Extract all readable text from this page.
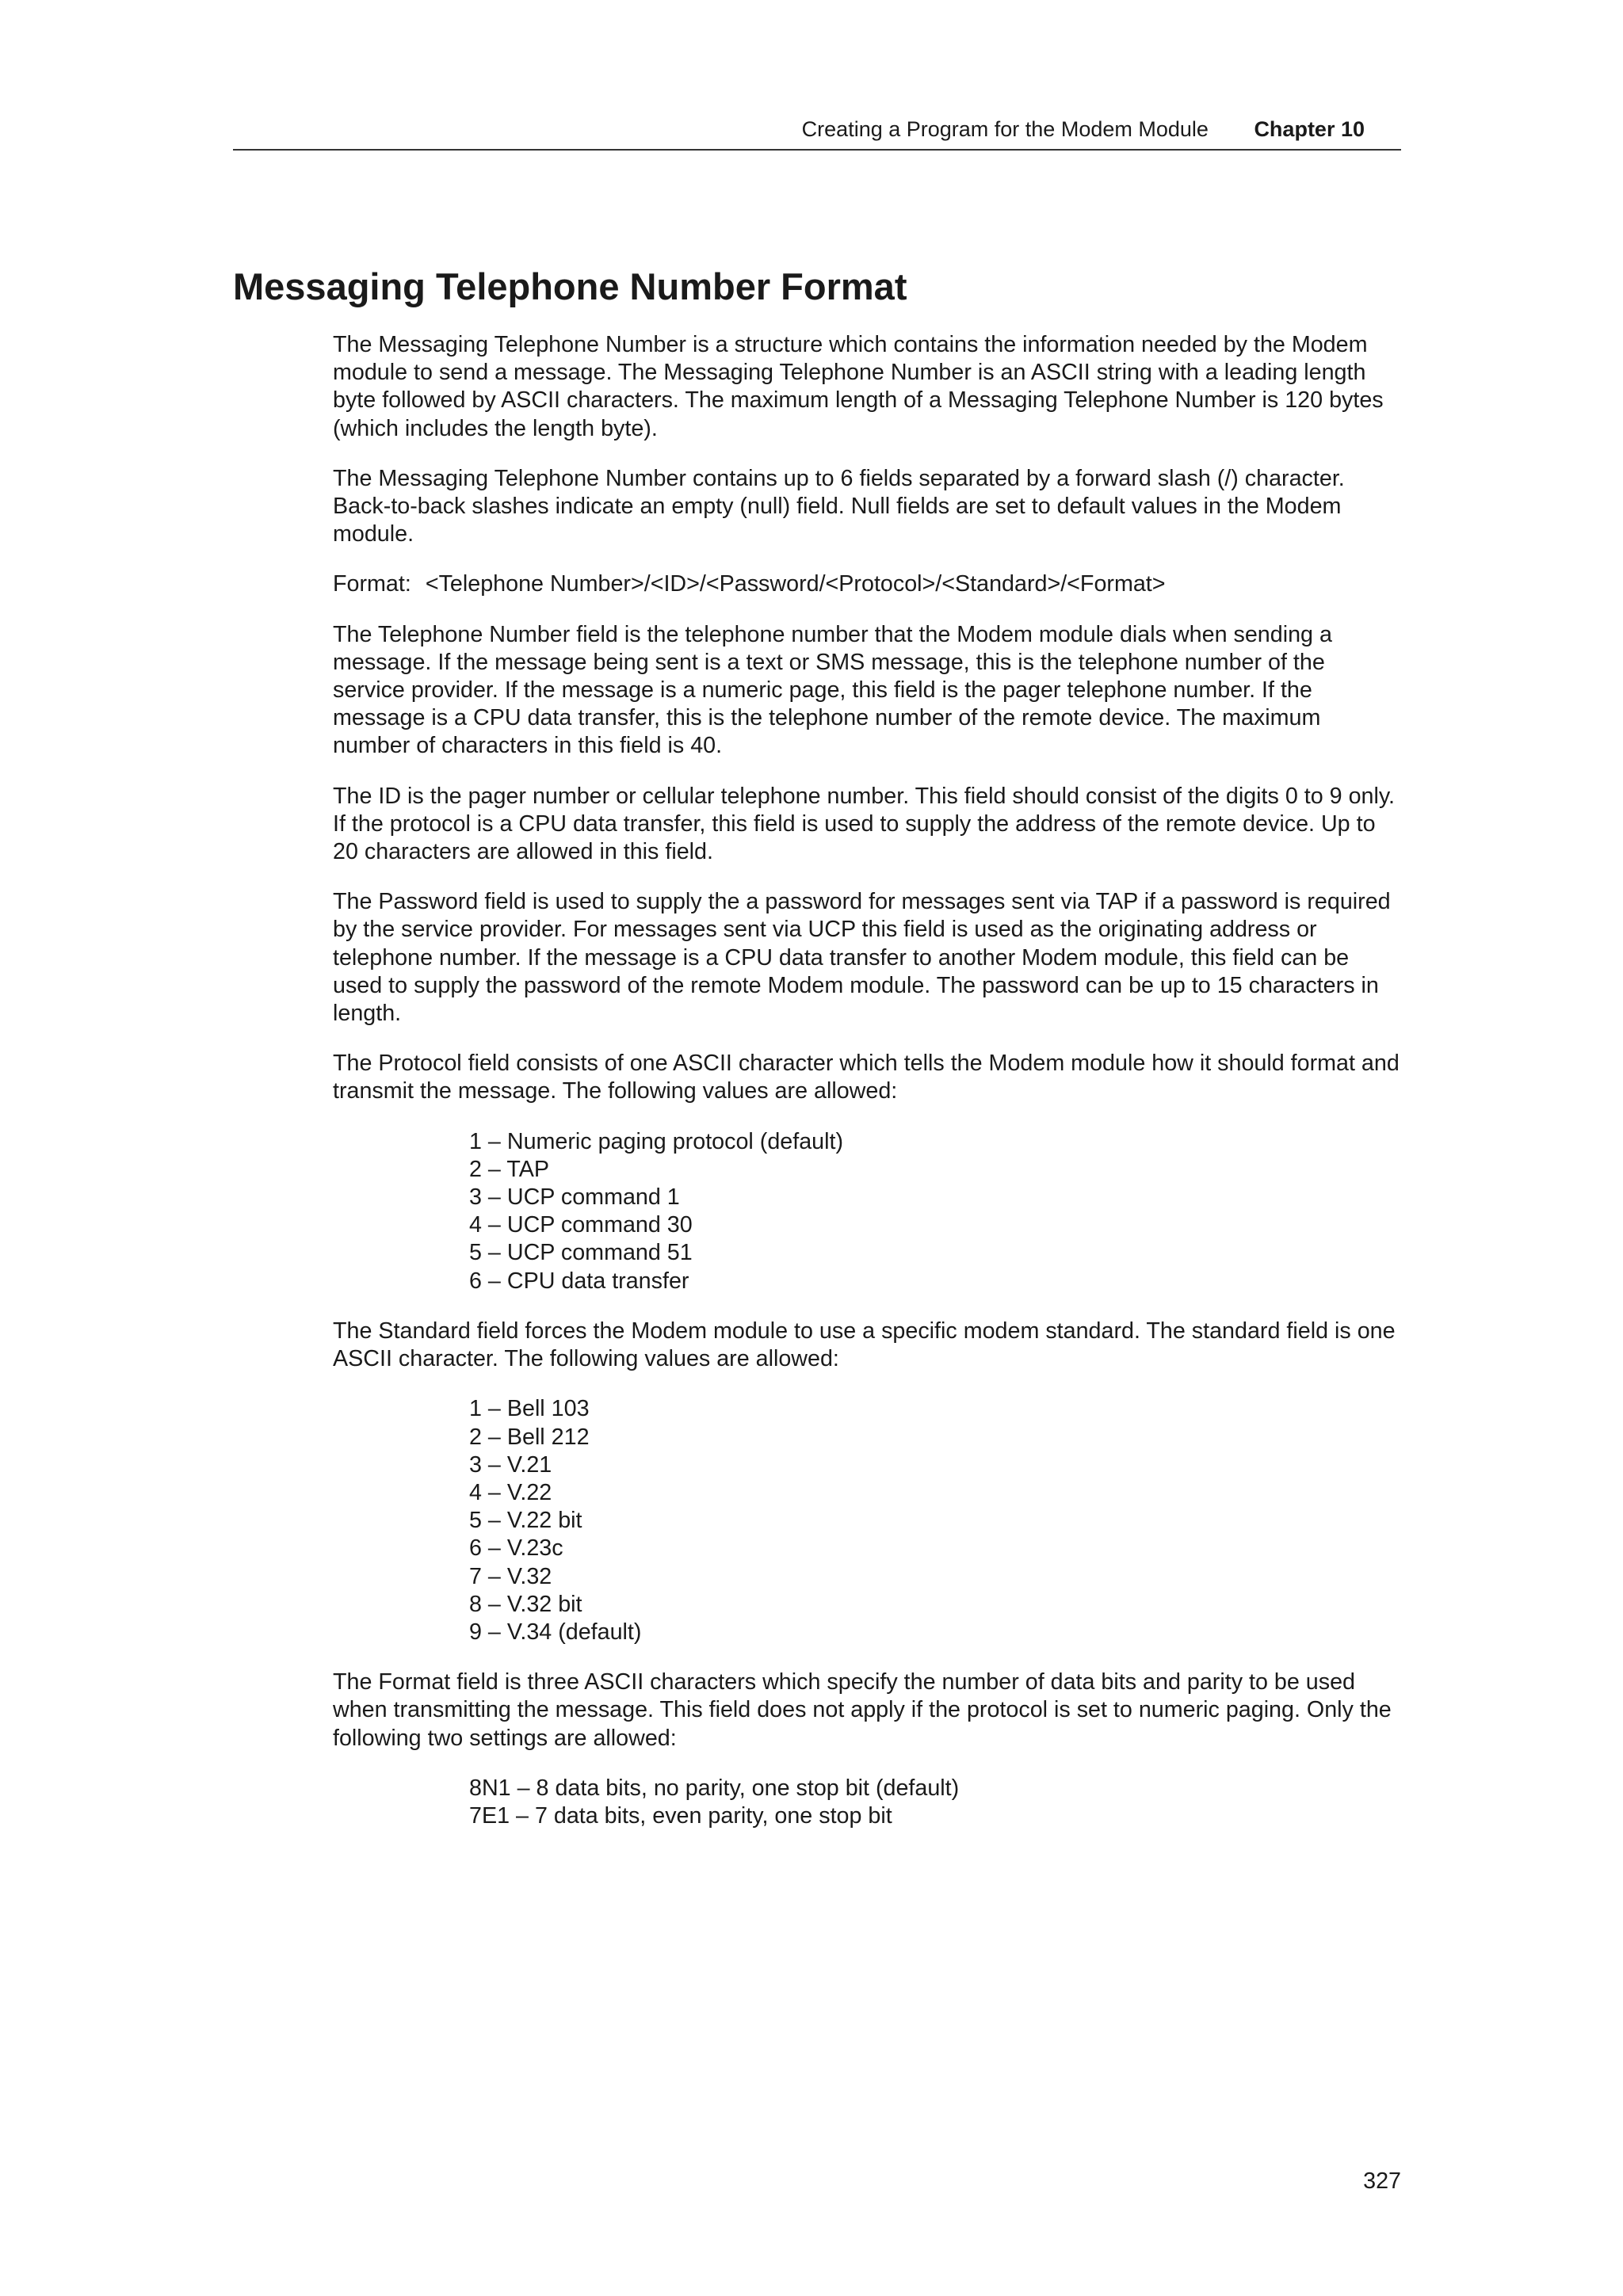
Creating a Program for the Modem Module Chapter 10
Messaging Telephone Number Format

The Messaging Telephone Number is a structure which contains the information needed by the Modem module to send a message. The Messaging Telephone Number is an ASCII string with a leading length byte followed by ASCII characters. The maximum length of a Messaging Telephone Number is 120 bytes (which includes the length byte).

The Messaging Telephone Number contains up to 6 fields separated by a forward slash (/) character. Back-to-back slashes indicate an empty (null) field. Null fields are set to default values in the Modem module.

Format: <Telephone Number>/<ID>/<Password/<Protocol>/<Standard>/<Format>

The Telephone Number field is the telephone number that the Modem module dials when sending a message. If the message being sent is a text or SMS message, this is the telephone number of the service provider. If the message is a numeric page, this field is the pager telephone number. If the message is a CPU data transfer, this is the telephone number of the remote device. The maximum number of characters in this field is 40.

The ID is the pager number or cellular telephone number. This field should consist of the digits 0 to 9 only. If the protocol is a CPU data transfer, this field is used to supply the address of the remote device. Up to 20 characters are allowed in this field.

The Password field is used to supply the a password for messages sent via TAP if a password is required by the service provider. For messages sent via UCP this field is used as the originating address or telephone number. If the message is a CPU data transfer to another Modem module, this field can be used to supply the password of the remote Modem module. The password can be up to 15 characters in length.

The Protocol field consists of one ASCII character which tells the Modem module how it should format and transmit the message. The following values are allowed:

1 – Numeric paging protocol (default)
2 – TAP
3 – UCP command 1
4 – UCP command 30
5 – UCP command 51
6 – CPU data transfer

The Standard field forces the Modem module to use a specific modem standard. The standard field is one ASCII character. The following values are allowed:

1 – Bell 103
2 – Bell 212
3 – V.21
4 – V.22
5 – V.22 bit
6 – V.23c
7 – V.32
8 – V.32 bit
9 – V.34 (default)

The Format field is three ASCII characters which specify the number of data bits and parity to be used when transmitting the message. This field does not apply if the protocol is set to numeric paging. Only the following two settings are allowed:

8N1 – 8 data bits, no parity, one stop bit (default)
7E1 – 7 data bits, even parity, one stop bit
327
